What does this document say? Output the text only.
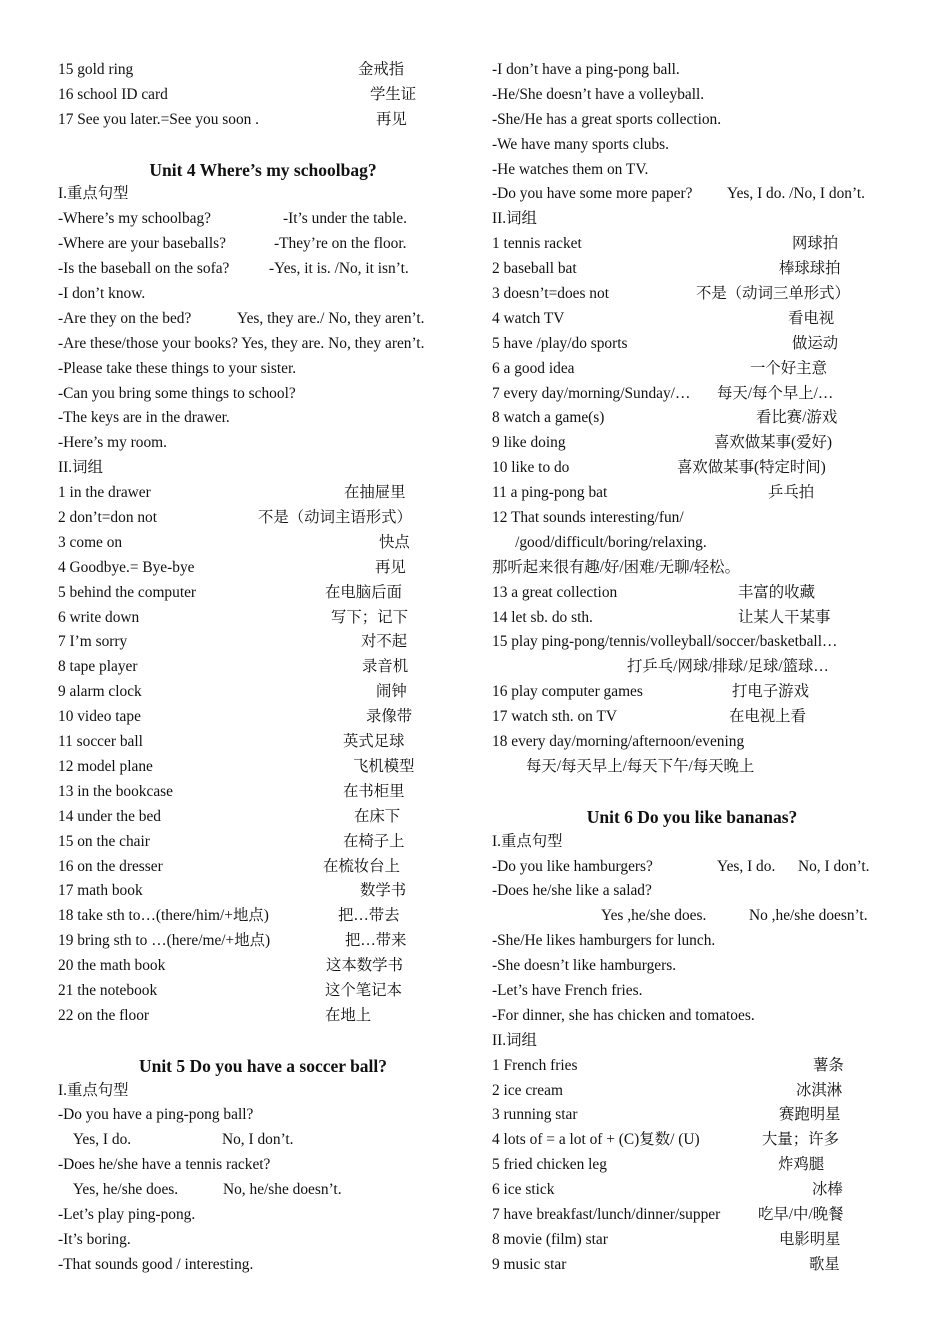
15 gold ring	金戒指
16 school ID card	学生证
17 See you later.=See you soon .	再见
Unit 4 Where’s my schoolbag?
I.重点句型
-Where’s my schoolbag?	-It’s under the table.
-Where are your baseballs?	-They’re on the floor.
-Is the baseball on the sofa?	-Yes, it is. /No, it isn’t.
-I don’t know.
-Are they on the bed?	Yes, they are./ No, they aren’t.
-Are these/those your books? Yes, they are. No, they aren’t.
-Please take these things to your sister.
-Can you bring some things to school?
-The keys are in the drawer.
-Here’s my room.
II.词组
1 in the drawer	在抽屉里
2 don’t=don not	不是（动词主语形式）
3 come on	快点
4 Goodbye.= Bye-bye	再见
5 behind the computer	在电脑后面
6 write down	写下；记下
7 I’m sorry	对不起
8 tape player	录音机
9 alarm clock	闹钟
10 video tape	录像带
11 soccer ball	英式足球
12 model plane	飞机模型
13 in the bookcase	在书柜里
14 under the bed	在床下
15 on the chair	在椅子上
16 on the dresser	在梳妆台上
17 math book	数学书
18 take sth to…(there/him/+地点)	把…带去
19 bring sth to …(here/me/+地点)	把…带来
20 the math book	这本数学书
21 the notebook	这个笔记本
22 on the floor	在地上
Unit 5 Do you have a soccer ball?
I.重点句型
-Do you have a ping-pong ball?
Yes, I do.	No, I don’t.
-Does he/she have a tennis racket?
Yes, he/she does.	No, he/she doesn’t.
-Let’s play ping-pong.
-It’s boring.
-That sounds good / interesting.
-I don’t have a ping-pong ball.
-He/She doesn’t have a volleyball.
-She/He has a great sports collection.
-We have many sports clubs.
-He watches them on TV.
-Do you have some more paper? Yes, I do. /No, I don’t.
II.词组
1 tennis racket	网球拍
2 baseball bat	棒球球拍
3 doesn’t=does not	不是（动词三单形式）
4 watch TV	看电视
5 have /play/do sports	做运动
6 a good idea	一个好主意
7 every day/morning/Sunday/… 每天/每个早上/…
8 watch a game(s)	看比赛/游戏
9 like doing	喜欢做某事(爱好)
10 like to do	喜欢做某事(特定时间)
11 a ping-pong bat	乒乓拍
12 That sounds interesting/fun/
/good/difficult/boring/relaxing.
那听起来很有趣/好/困难/无聊/轻松。
13 a great collection	丰富的收藏
14 let sb. do sth.	让某人干某事
15 play ping-pong/tennis/volleyball/soccer/basketball…
打乒乓/网球/排球/足球/篮球…
16 play computer games	打电子游戏
17 watch sth. on TV	在电视上看
18 every day/morning/afternoon/evening
每天/每天早上/每天下午/每天晚上
Unit 6 Do you like bananas?
I.重点句型
-Do you like hamburgers?	Yes, I do. No, I don’t.
-Does he/she like a salad?
Yes ,he/she does.	No ,he/she doesn’t.
-She/He likes hamburgers for lunch.
-She doesn’t like hamburgers.
-Let’s have French fries.
-For dinner, she has chicken and tomatoes.
II.词组
1 French fries	薯条
2 ice cream	冰淇淋
3 running star	赛跑明星
4 lots of = a lot of + (C)复数/ (U)	大量；许多
5 fried chicken leg	炸鸡腿
6 ice stick	冰棒
7 have breakfast/lunch/dinner/supper 吃早/中/晚餐
8 movie (film) star	电影明星
9 music star	歌星
